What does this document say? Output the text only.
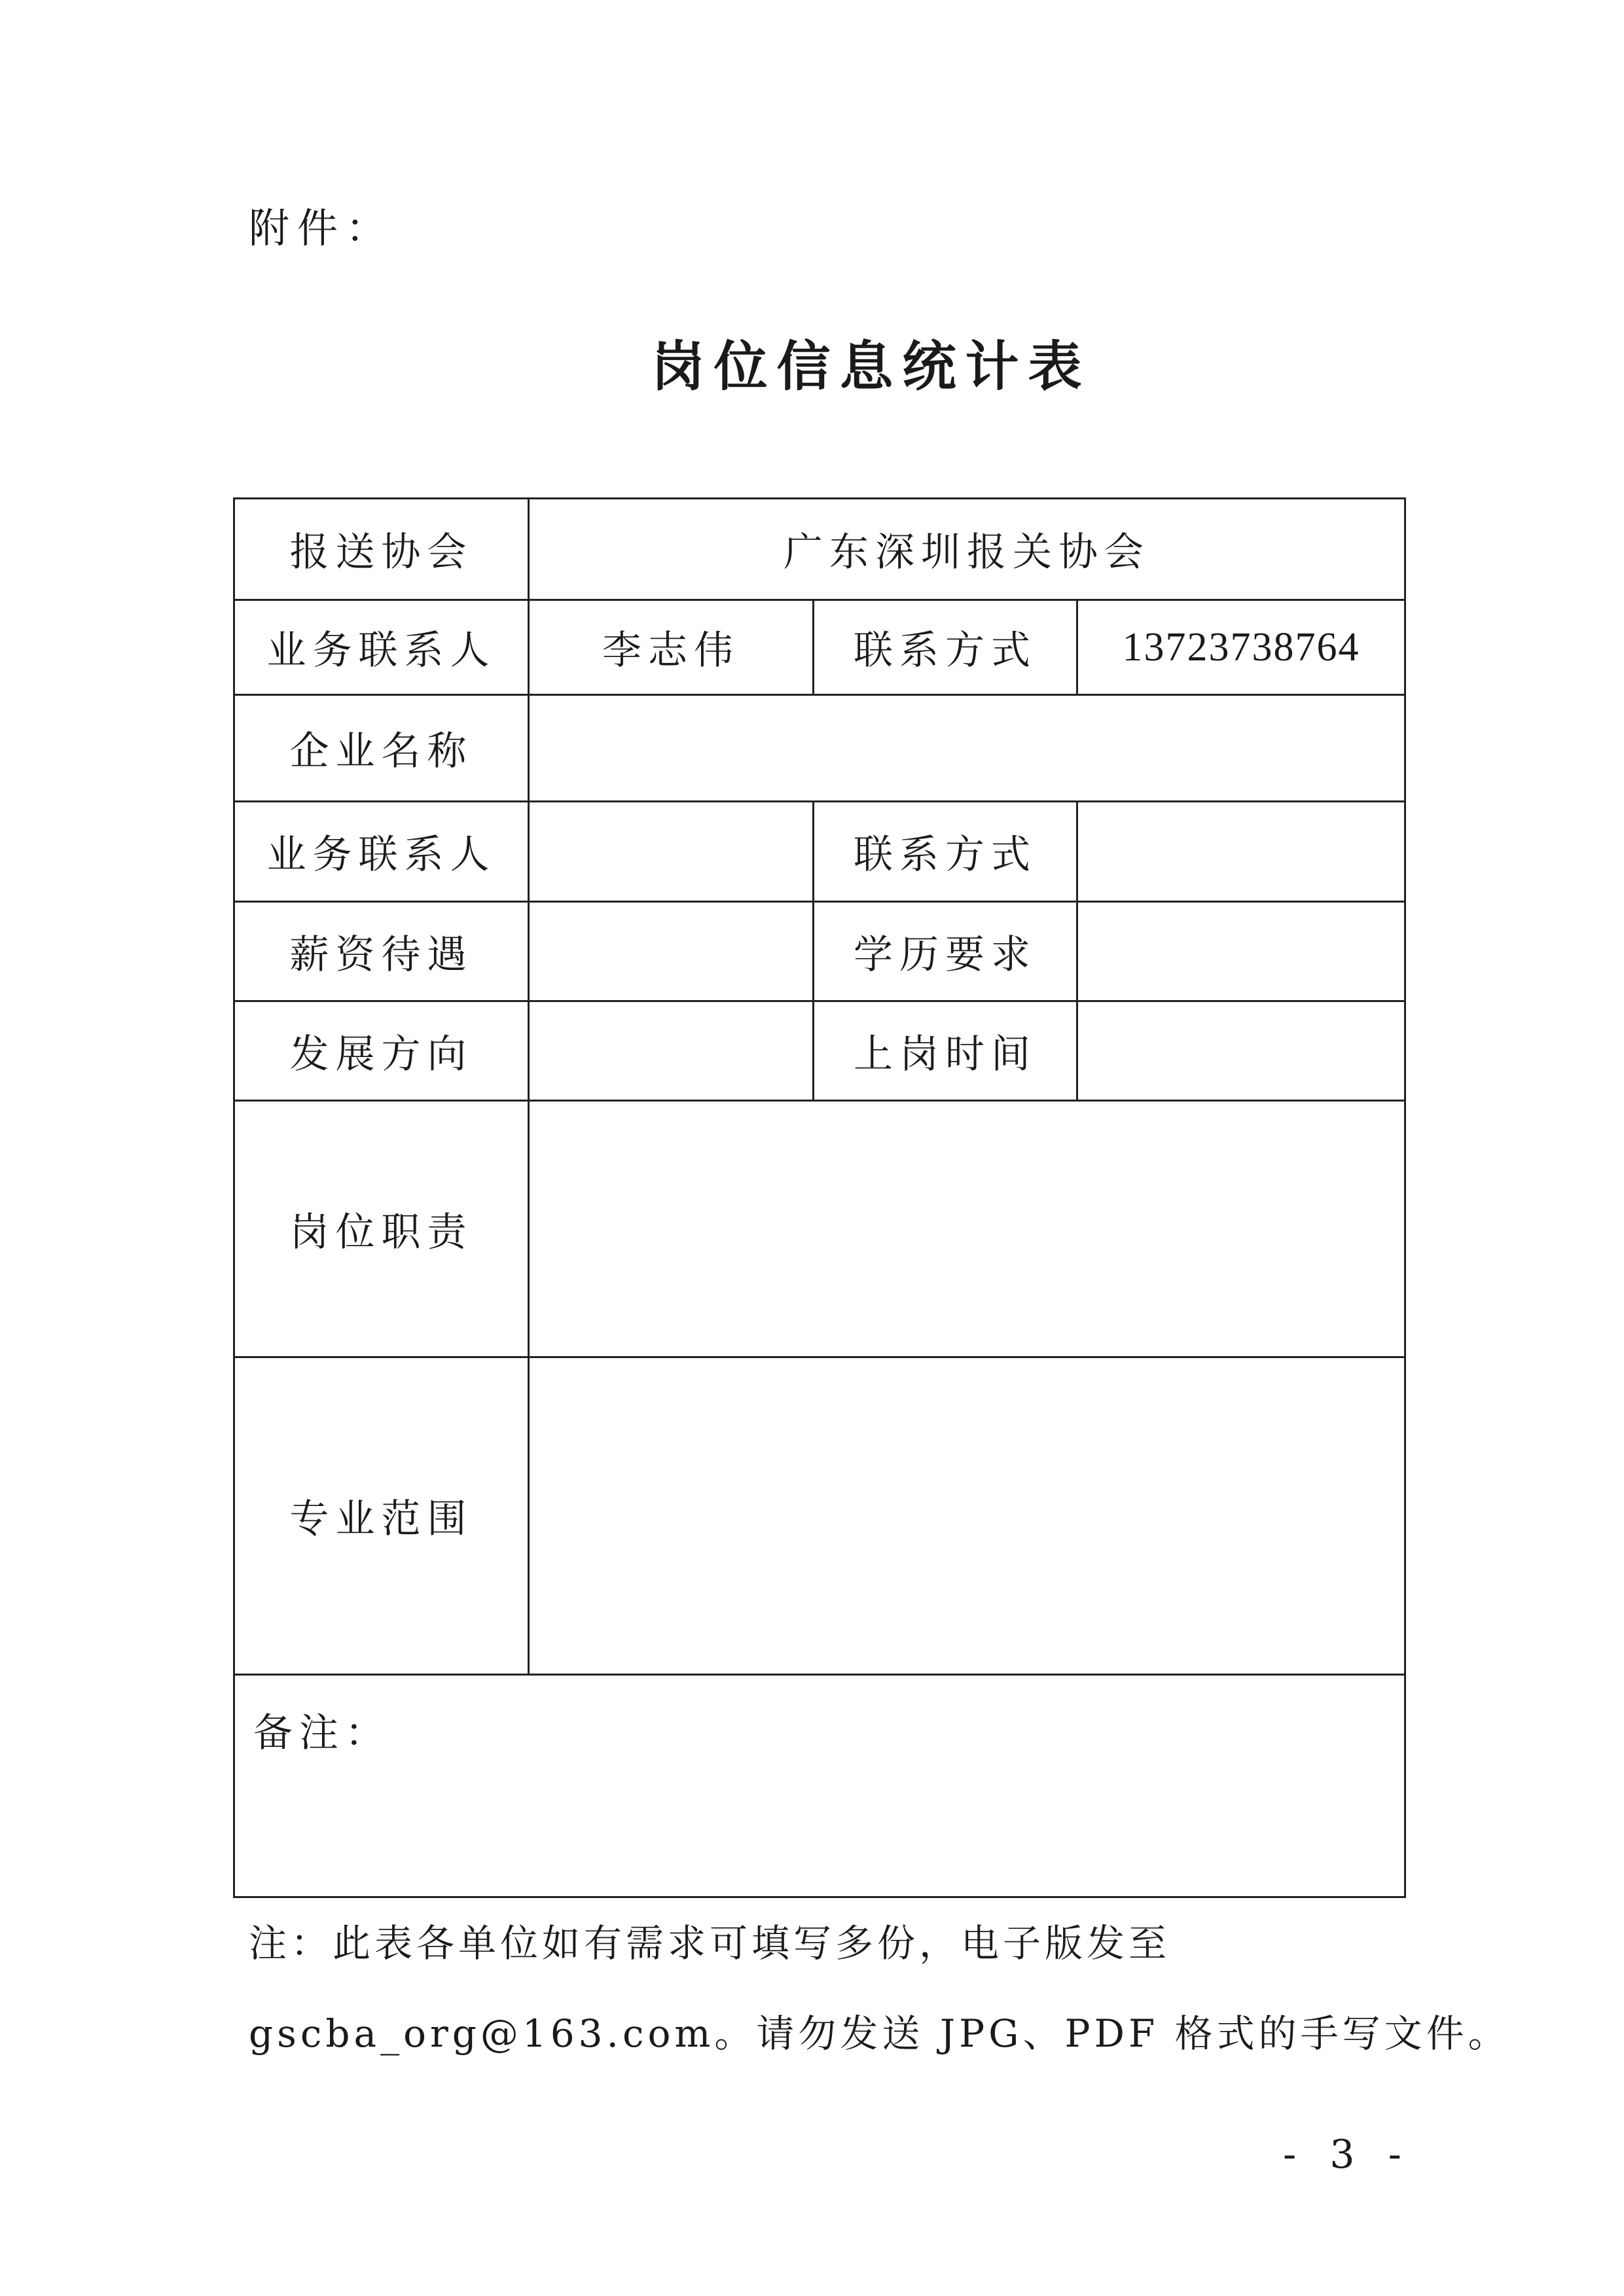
附件：
岗位信息统计表
报送协会	广东深圳报关协会		
业务联系人	李志伟	联系方式	13723738764
企业名称			
业务联系人		联系方式	
薪资待遇		学历要求	
发展方向		上岗时间	
岗位职责			
专业范围			
备注：			
注：此表各单位如有需求可填写多份，电子版发至
gscba_org@163.com。请勿发送 JPG、PDF 格式的手写文件。
- 3 -
